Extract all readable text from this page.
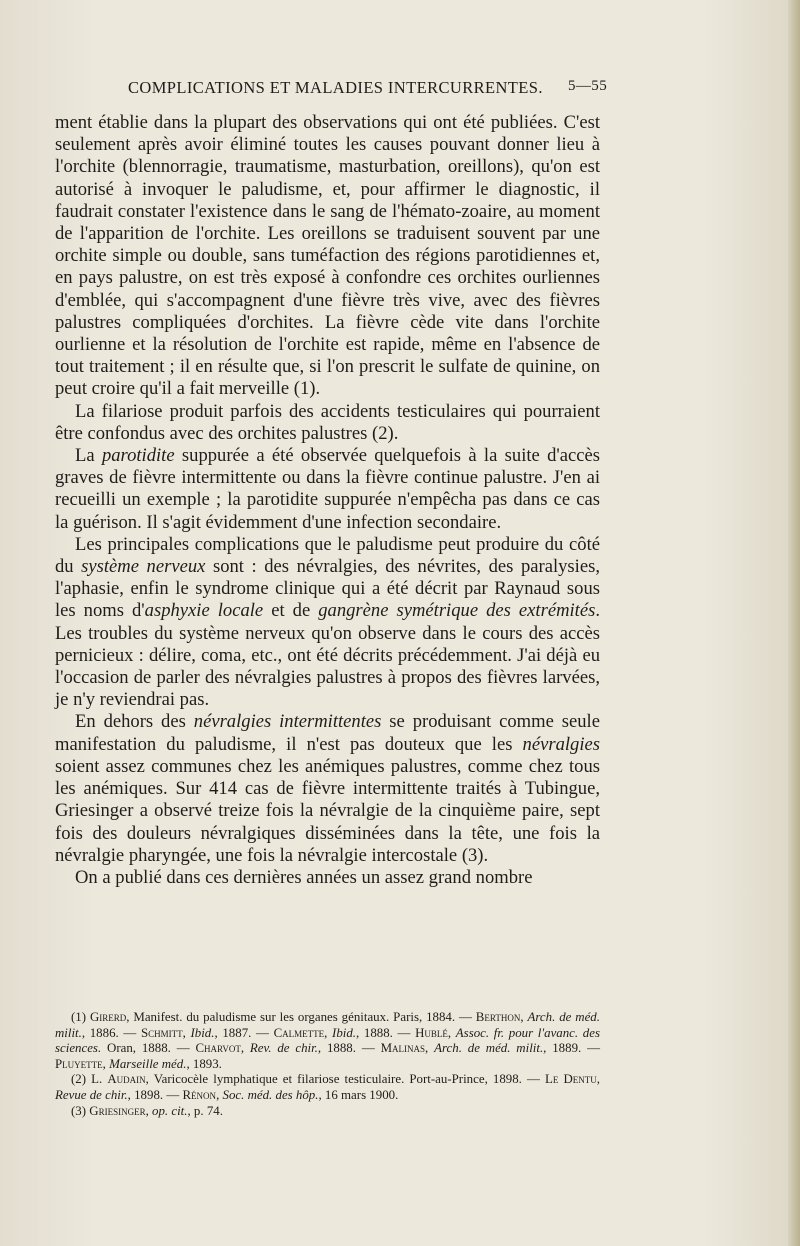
COMPLICATIONS ET MALADIES INTERCURRENTES. 5—55

ment établie dans la plupart des observations qui ont été publiées. C'est seulement après avoir éliminé toutes les causes pouvant donner lieu à l'orchite (blennorragie, traumatisme, masturbation, oreillons), qu'on est autorisé à invoquer le paludisme, et, pour affirmer le diagnostic, il faudrait constater l'existence dans le sang de l'hémato-zoaire, au moment de l'apparition de l'orchite. Les oreillons se traduisent souvent par une orchite simple ou double, sans tuméfaction des régions parotidiennes et, en pays palustre, on est très exposé à confondre ces orchites ourliennes d'emblée, qui s'accompagnent d'une fièvre très vive, avec des fièvres palustres compliquées d'orchites. La fièvre cède vite dans l'orchite ourlienne et la résolution de l'orchite est rapide, même en l'absence de tout traitement ; il en résulte que, si l'on prescrit le sulfate de quinine, on peut croire qu'il a fait merveille (1).

La filariose produit parfois des accidents testiculaires qui pourraient être confondus avec des orchites palustres (2).

La parotidite suppurée a été observée quelquefois à la suite d'accès graves de fièvre intermittente ou dans la fièvre continue palustre. J'en ai recueilli un exemple ; la parotidite suppurée n'empêcha pas dans ce cas la guérison. Il s'agit évidemment d'une infection secondaire.

Les principales complications que le paludisme peut produire du côté du système nerveux sont : des névralgies, des névrites, des paralysies, l'aphasie, enfin le syndrome clinique qui a été décrit par Raynaud sous les noms d'asphyxie locale et de gangrène symétrique des extrémités. Les troubles du système nerveux qu'on observe dans le cours des accès pernicieux : délire, coma, etc., ont été décrits précédemment. J'ai déjà eu l'occasion de parler des névralgies palustres à propos des fièvres larvées, je n'y reviendrai pas.

En dehors des névralgies intermittentes se produisant comme seule manifestation du paludisme, il n'est pas douteux que les névralgies soient assez communes chez les anémiques palustres, comme chez tous les anémiques. Sur 414 cas de fièvre intermittente traités à Tubingue, Griesinger a observé treize fois la névralgie de la cinquième paire, sept fois des douleurs névralgiques disséminées dans la tête, une fois la névralgie pharyngée, une fois la névralgie intercostale (3).

On a publié dans ces dernières années un assez grand nombre

(1) Girerd, Manifest. du paludisme sur les organes génitaux. Paris, 1884. — Berthon, Arch. de méd. milit., 1886. — Schmitt, Ibid., 1887. — Calmette, Ibid., 1888. — Hublé, Assoc. fr. pour l'avanc. des sciences. Oran, 1888. — Charvot, Rev. de chir., 1888. — Malinas, Arch. de méd. milit., 1889. — Pluyette, Marseille méd., 1893.

(2) L. Audain, Varicocèle lymphatique et filariose testiculaire. Port-au-Prince, 1898. — Le Dentu, Revue de chir., 1898. — Rénon, Soc. méd. des hôp., 16 mars 1900.

(3) Griesinger, op. cit., p. 74.
